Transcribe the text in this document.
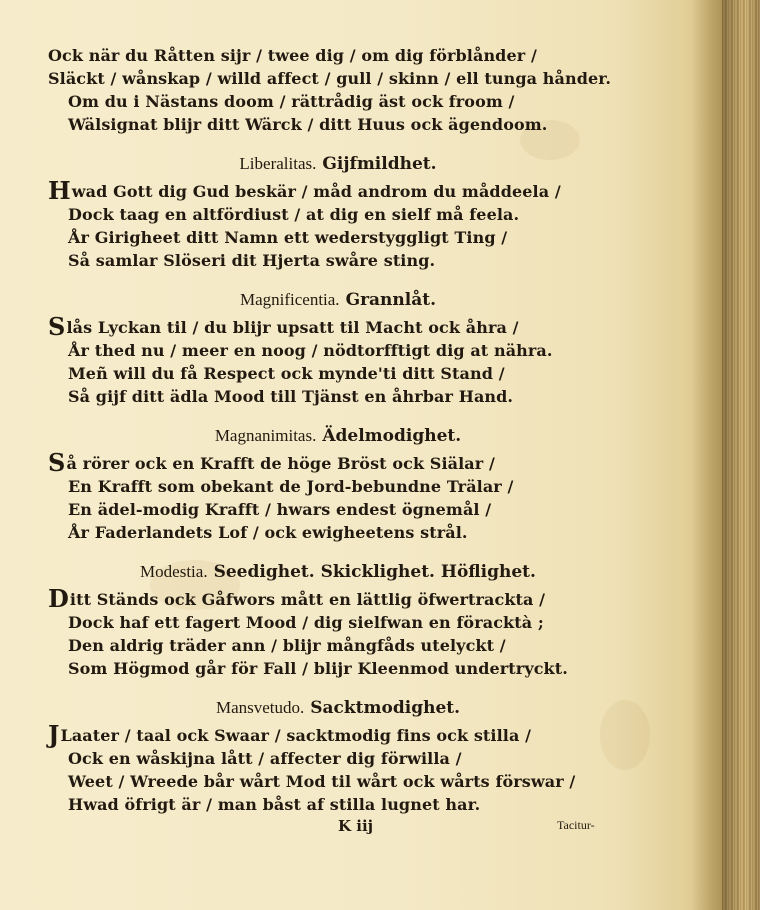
Ock när du Råtten sijr / twee dig / om dig förblånder /
Släckt / wånskap / willd affect / gull / skinn / ell tunga hånder.
Om du i Nästans doom / rättrådig äst ock froom /
Wälsignat blijr ditt Wärck / ditt Huus ock ägendoom.
Liberalitas. Gijfmildhet.
Hwad Gott dig Gud beskär / måd androm du måddeela /
Dock taag en altfördiust / at dig en sielf må feela.
År Girigheet ditt Namn ett wederstyggligt Ting /
Så samlar Slöseri dit Hjerta swåre sting.
Magnificentia. Grannlåt.
Slås Lyckan til / du blijr upsatt til Macht ock åhra /
År thed nu / meer en noog / nödtorfftigt dig at nähra.
Meñ will du få Respect ock mynde'ti ditt Stand /
Så gijf ditt ädla Mood till Tjänst en åhrbar Hand.
Magnanimitas. Ädelmodighet.
Så rörer ock en Krafft de höge Bröst ock Siälar /
En Krafft som obekant de Jord-bebundne Trälar /
En ädel-modig Krafft / hwars endest ögnemål /
År Faderlandets Lof / ock ewigheetens strål.
Modestia. Seedighet. Skicklighet. Höflighet.
Ditt Ständs ock Gåfwors mått en lättlig öfwertrackta /
Dock haf ett fagert Mood / dig sielfwan en föracktà ;
Den aldrig träder ann / blijr mångfåds utelyckt /
Som Högmod går för Fall / blijr Kleenmod undertryckt.
Mansvetudo. Sacktmodighet.
JLaater / taal ock Swaar / sacktmodig fins ock stilla /
Ock en wåskijna lått / affecter dig förwilla /
Weet / Wreede bår wårt Mod til wårt ock wårts förswar /
Hwad öfrigt är / man båst af stilla lugnet har.
K iij	Tacitur-
